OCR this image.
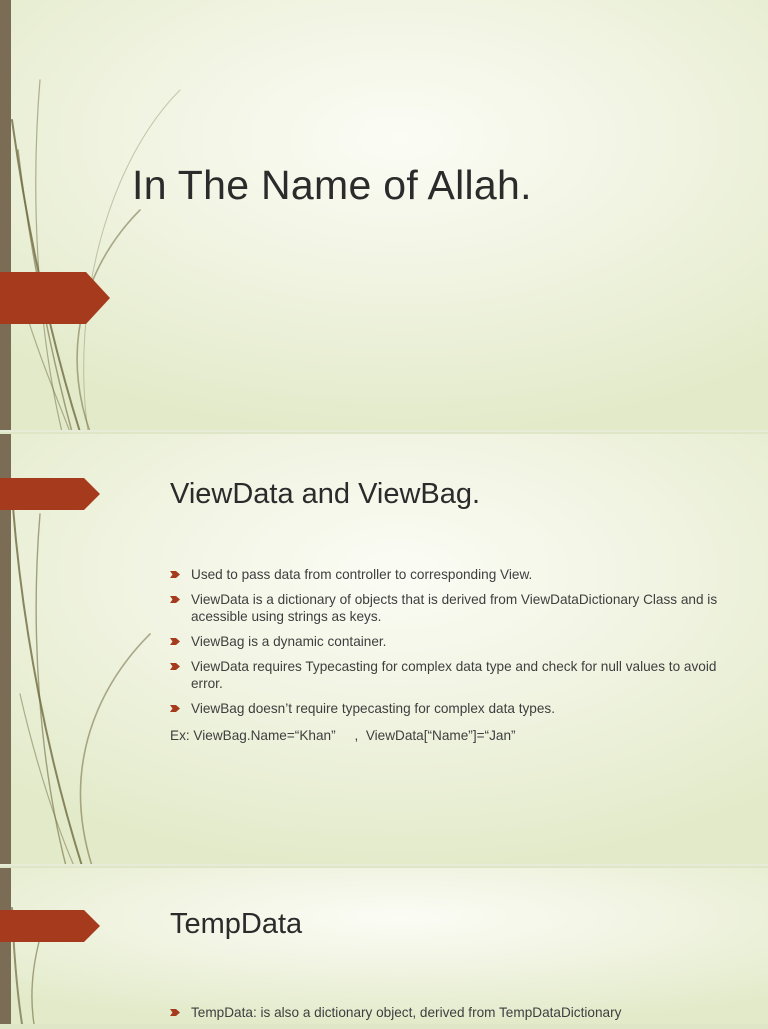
In The Name of Allah.
ViewData and ViewBag.
TempData
Used to pass data from controller to corresponding View.
ViewData is a dictionary of objects that is derived from ViewDataDictionary Class and is acessible using strings as keys.
ViewBag is a dynamic container.
ViewData requires Typecasting for complex data type and check for null values to avoid error.
ViewBag doesn’t require typecasting for complex data types.

Ex: ViewBag.Name=“Khan”     ,  ViewData[“Name”]=“Jan”

TempData: is also a dictionary object, derived from TempDataDictionary
